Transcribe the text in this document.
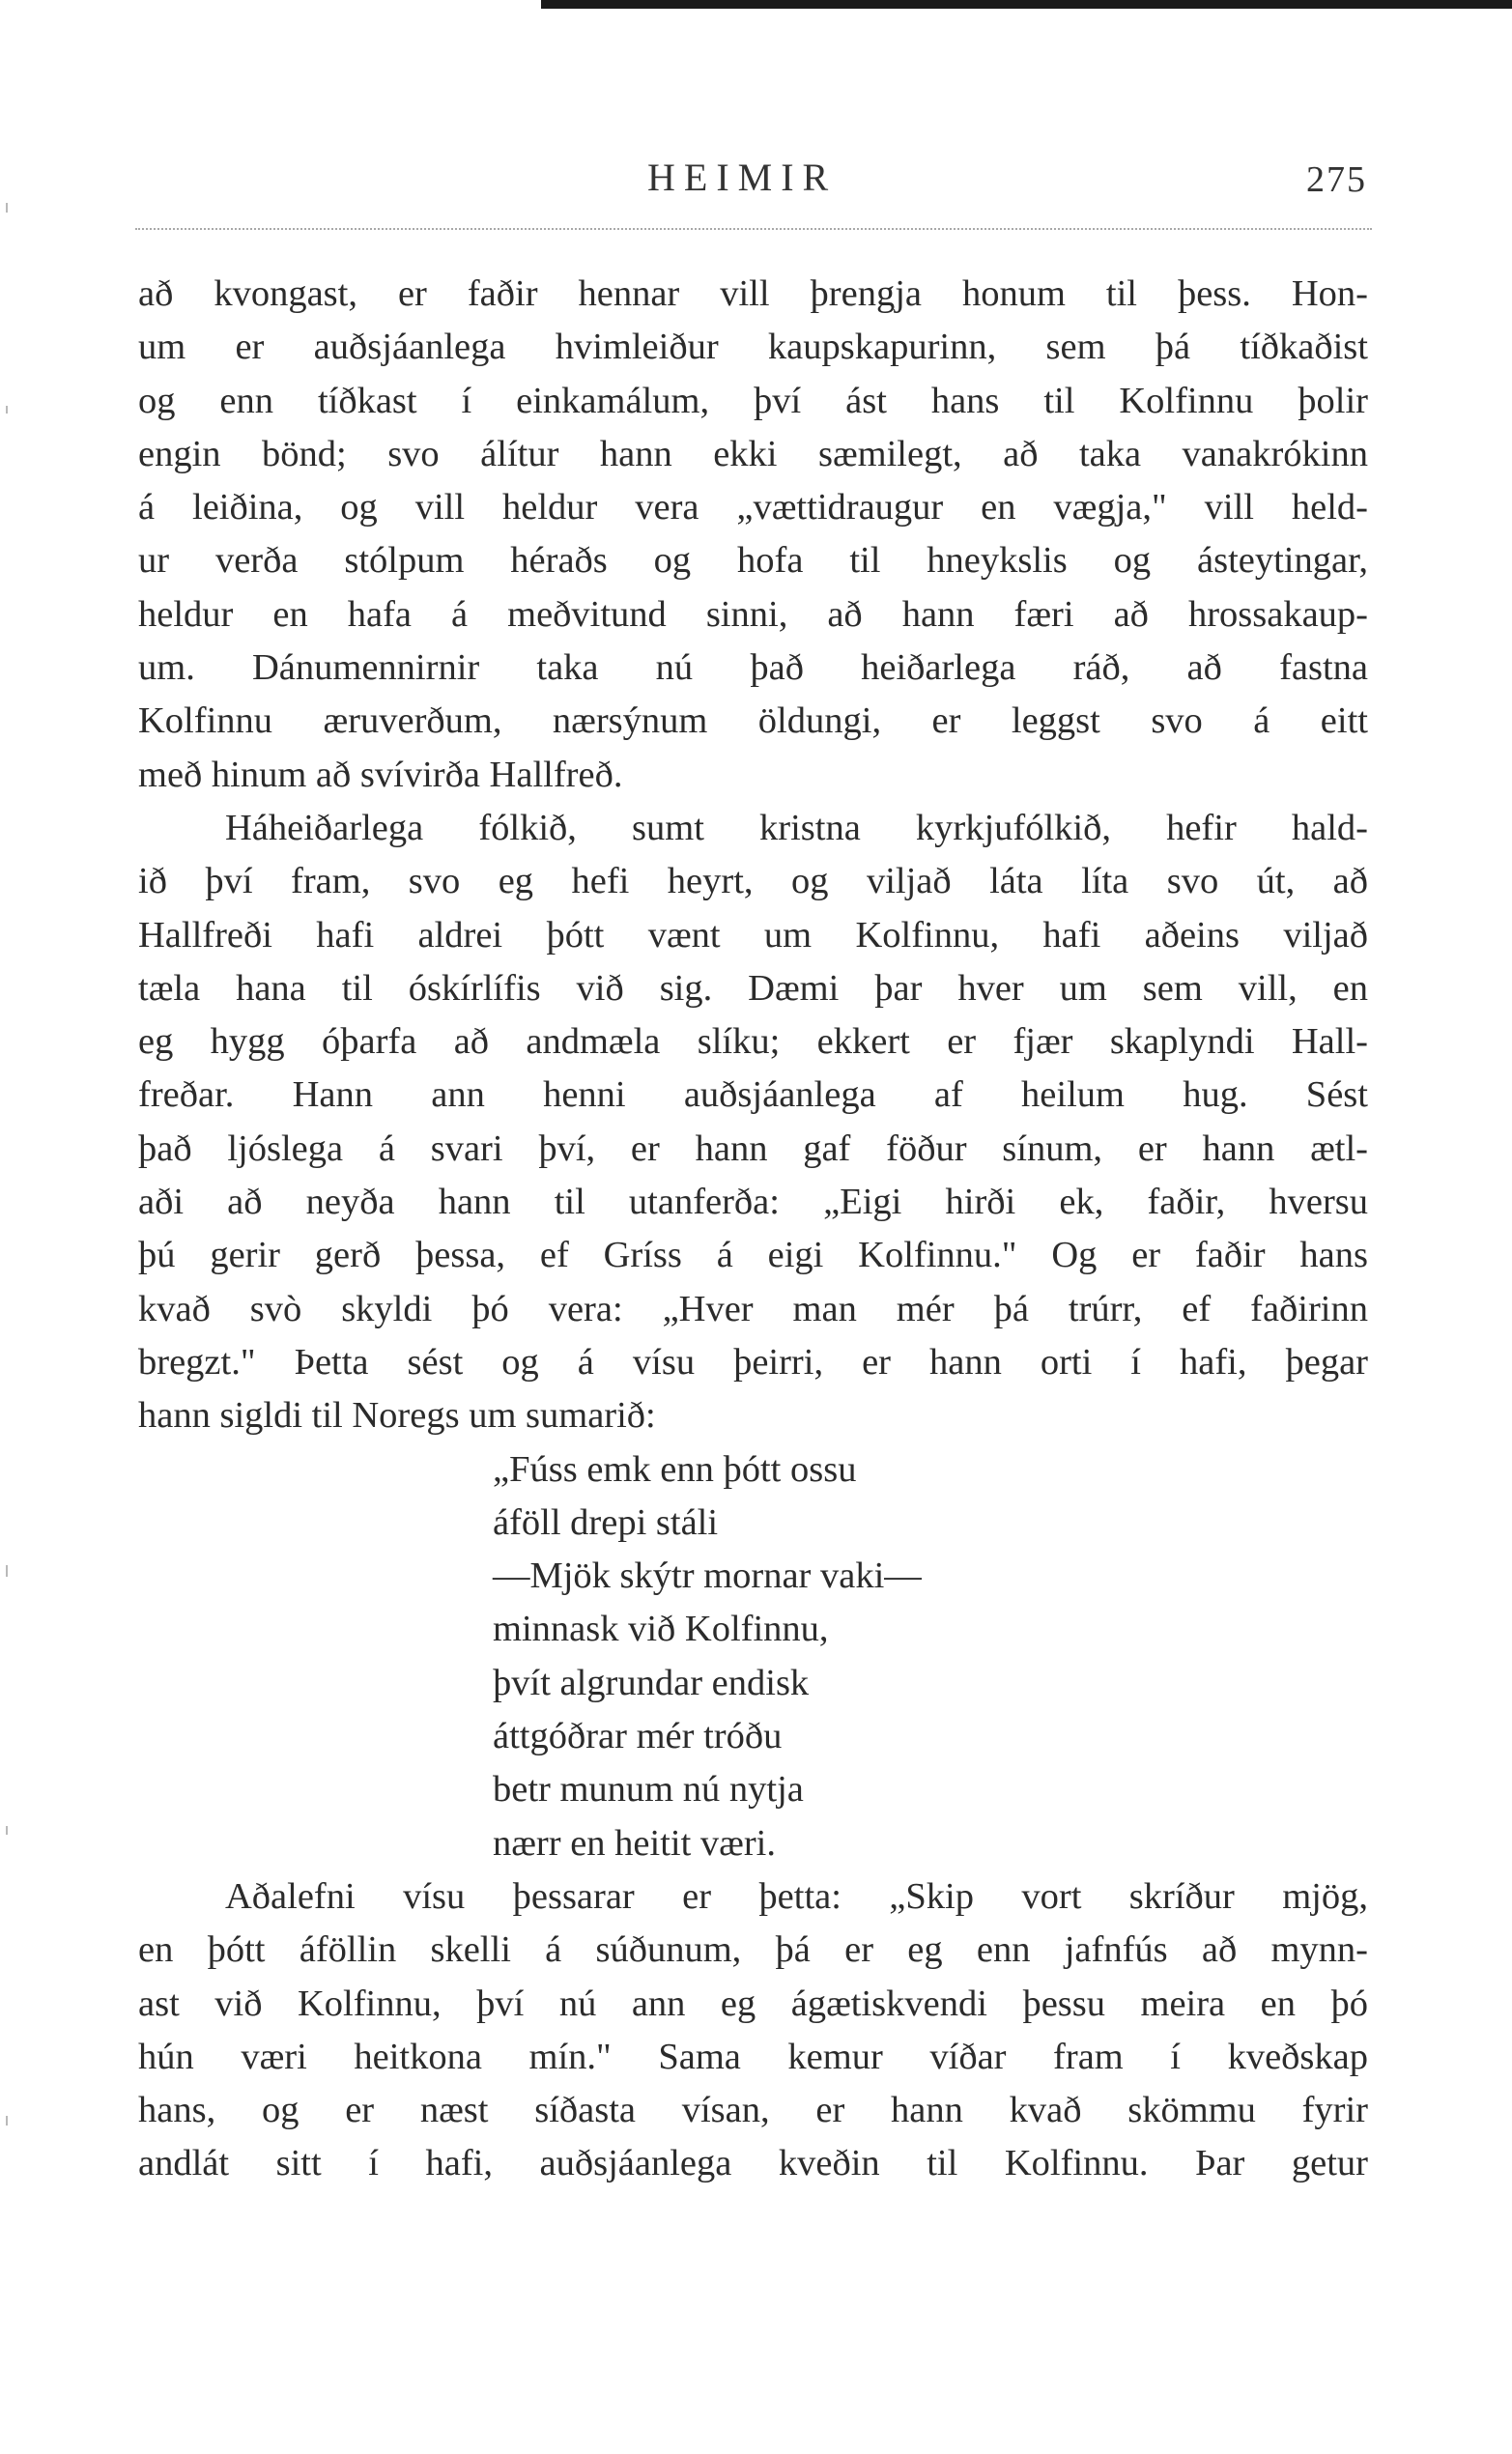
HEIMIR	275
að kvongast, er faðir hennar vill þrengja honum til þess. Hon-
um er auðsjáanlega hvimleiður kaupskapurinn, sem þá tíðkaðist
og enn tíðkast í einkamálum, því ást hans til Kolfinnu þolir
engin bönd; svo álítur hann ekki sæmilegt, að taka vanakrókinn
á leiðina, og vill heldur vera „vættidraugur en vægja," vill held-
ur verða stólpum héraðs og hofa til hneykslis og ásteytingar,
heldur en hafa á meðvitund sinni, að hann færi að hrossakaup-
um. Dánumennirnir taka nú það heiðarlega ráð, að fastna
Kolfinnu æruverðum, nærsýnum öldungi, er leggst svo á eitt
með hinum að svívirða Hallfreð.
Háheiðarlega fólkið, sumt kristna kyrkjufólkið, hefir hald-
ið því fram, svo eg hefi heyrt, og viljað láta líta svo út, að
Hallfreði hafi aldrei þótt vænt um Kolfinnu, hafi aðeins viljað
tæla hana til óskírlífis við sig. Dæmi þar hver um sem vill, en
eg hygg óþarfa að andmæla slíku; ekkert er fjær skaplyndi Hall-
freðar. Hann ann henni auðsjáanlega af heilum hug. Sést
það ljóslega á svari því, er hann gaf föður sínum, er hann ætl-
aði að neyða hann til utanferða: „Eigi hirði ek, faðir, hversu
þú gerir gerð þessa, ef Gríss á eigi Kolfinnu." Og er faðir hans
kvað svò skyldi þó vera: „Hver man mér þá trúrr, ef faðirinn
bregzt." Þetta sést og á vísu þeirri, er hann orti í hafi, þegar
hann sigldi til Noregs um sumarið:
„Fúss emk enn þótt ossu
áföll drepi stáli
—Mjök skýtr mornar vaki—
minnask við Kolfinnu,
þvít algrundar endisk
áttgóðrar mér tróðu
betr munum nú nytja
nærr en heitit væri.
Aðalefni vísu þessarar er þetta: „Skip vort skríður mjög,
en þótt áföllin skelli á súðunum, þá er eg enn jafnfús að mynn-
ast við Kolfinnu, því nú ann eg ágætiskvendi þessu meira en þó
hún væri heitkona mín." Sama kemur víðar fram í kveðskap
hans, og er næst síðasta vísan, er hann kvað skömmu fyrir
andlát sitt í hafi, auðsjáanlega kveðin til Kolfinnu. Þar getur
